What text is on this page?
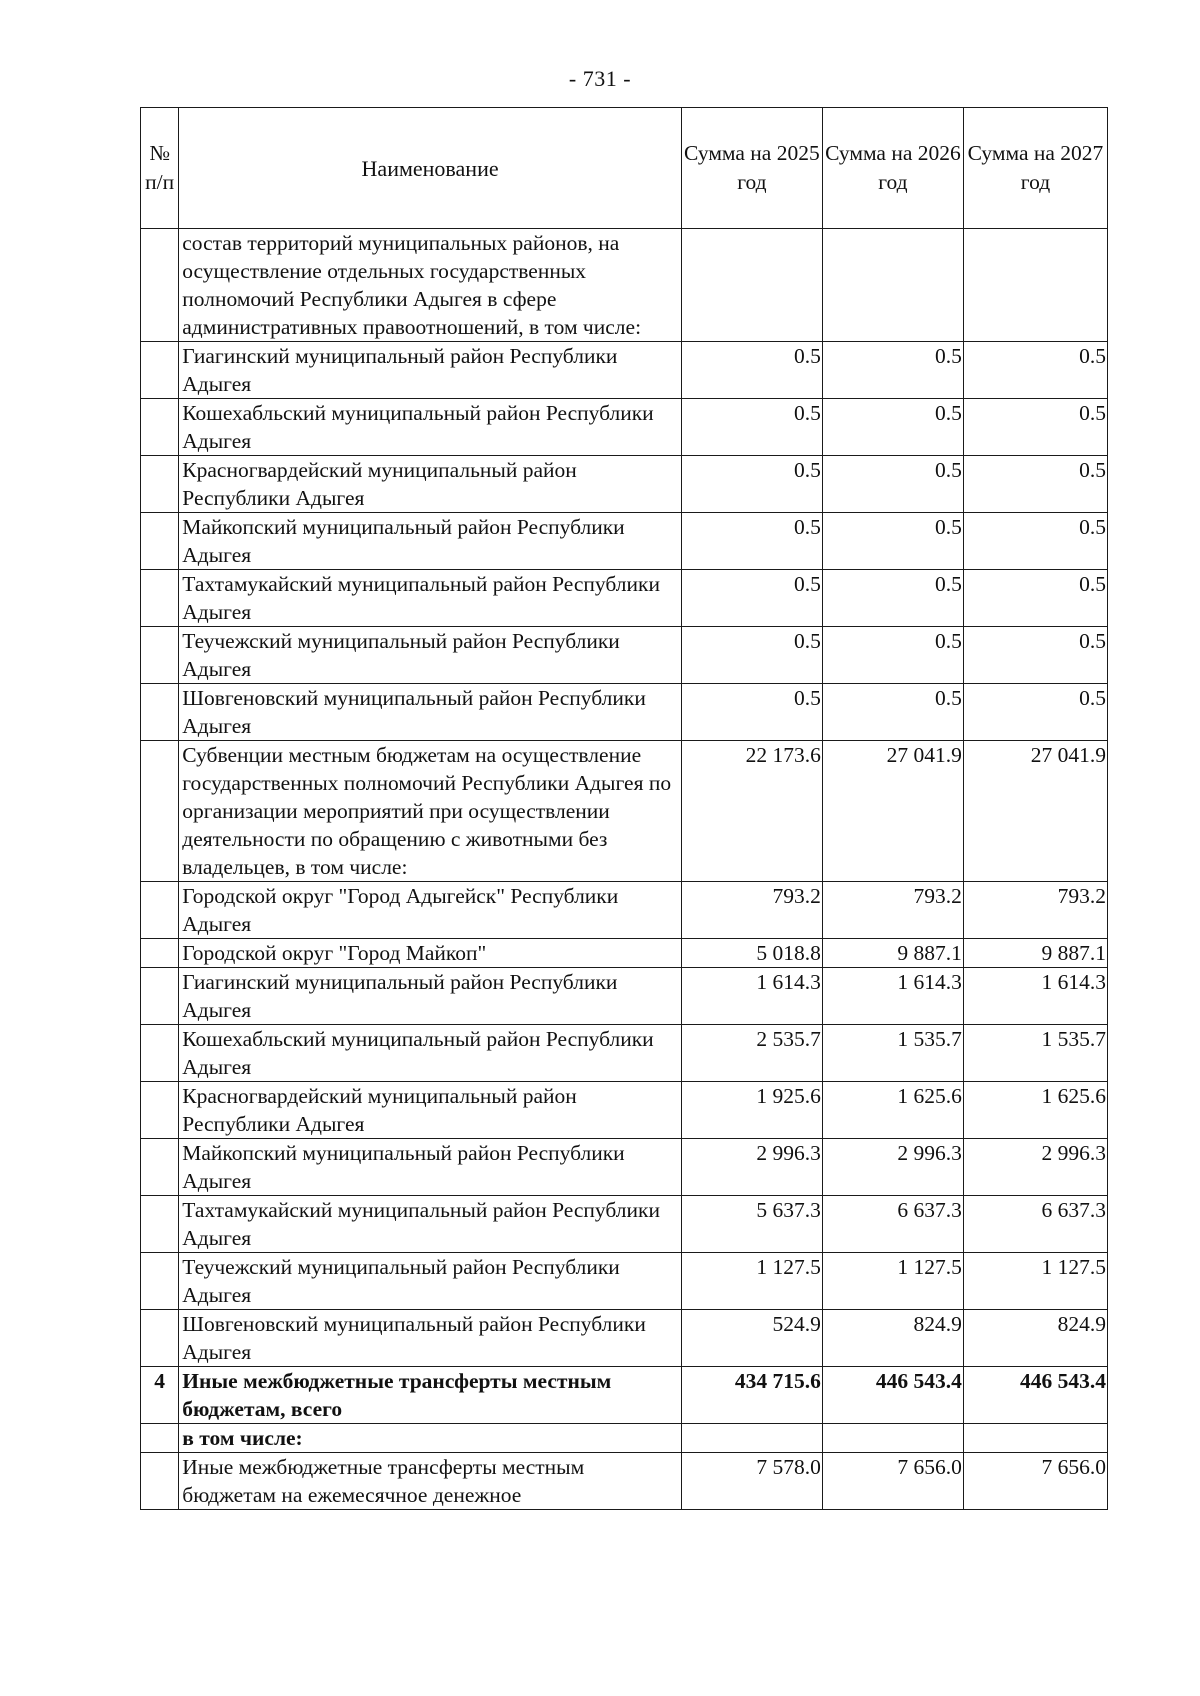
- 731 -
№ п/п	Наименование	Сумма на 2025 год	Сумма на 2026 год	Сумма на 2027 год
	состав территорий муниципальных районов, на осуществление отдельных государственных полномочий Республики Адыгея в сфере административных правоотношений, в том числе:			
	Гиагинский муниципальный район Республики Адыгея	0.5	0.5	0.5
	Кошехабльский муниципальный район Республики Адыгея	0.5	0.5	0.5
	Красногвардейский муниципальный район Республики Адыгея	0.5	0.5	0.5
	Майкопский муниципальный район Республики Адыгея	0.5	0.5	0.5
	Тахтамукайский муниципальный район Республики Адыгея	0.5	0.5	0.5
	Теучежский муниципальный район Республики Адыгея	0.5	0.5	0.5
	Шовгеновский муниципальный район Республики Адыгея	0.5	0.5	0.5
	Субвенции местным бюджетам на осуществление государственных полномочий Республики Адыгея по организации мероприятий при осуществлении деятельности по обращению с животными без владельцев, в том числе:	22 173.6	27 041.9	27 041.9
	Городской округ "Город Адыгейск" Республики Адыгея	793.2	793.2	793.2
	Городской округ "Город Майкоп"	5 018.8	9 887.1	9 887.1
	Гиагинский муниципальный район Республики Адыгея	1 614.3	1 614.3	1 614.3
	Кошехабльский муниципальный район Республики Адыгея	2 535.7	1 535.7	1 535.7
	Красногвардейский муниципальный район Республики Адыгея	1 925.6	1 625.6	1 625.6
	Майкопский муниципальный район Республики Адыгея	2 996.3	2 996.3	2 996.3
	Тахтамукайский муниципальный район Республики Адыгея	5 637.3	6 637.3	6 637.3
	Теучежский муниципальный район Республики Адыгея	1 127.5	1 127.5	1 127.5
	Шовгеновский муниципальный район Республики Адыгея	524.9	824.9	824.9
4	Иные межбюджетные трансферты местным бюджетам, всего	434 715.6	446 543.4	446 543.4
	в том числе:			
	Иные межбюджетные трансферты местным бюджетам на ежемесячное денежное	7 578.0	7 656.0	7 656.0
